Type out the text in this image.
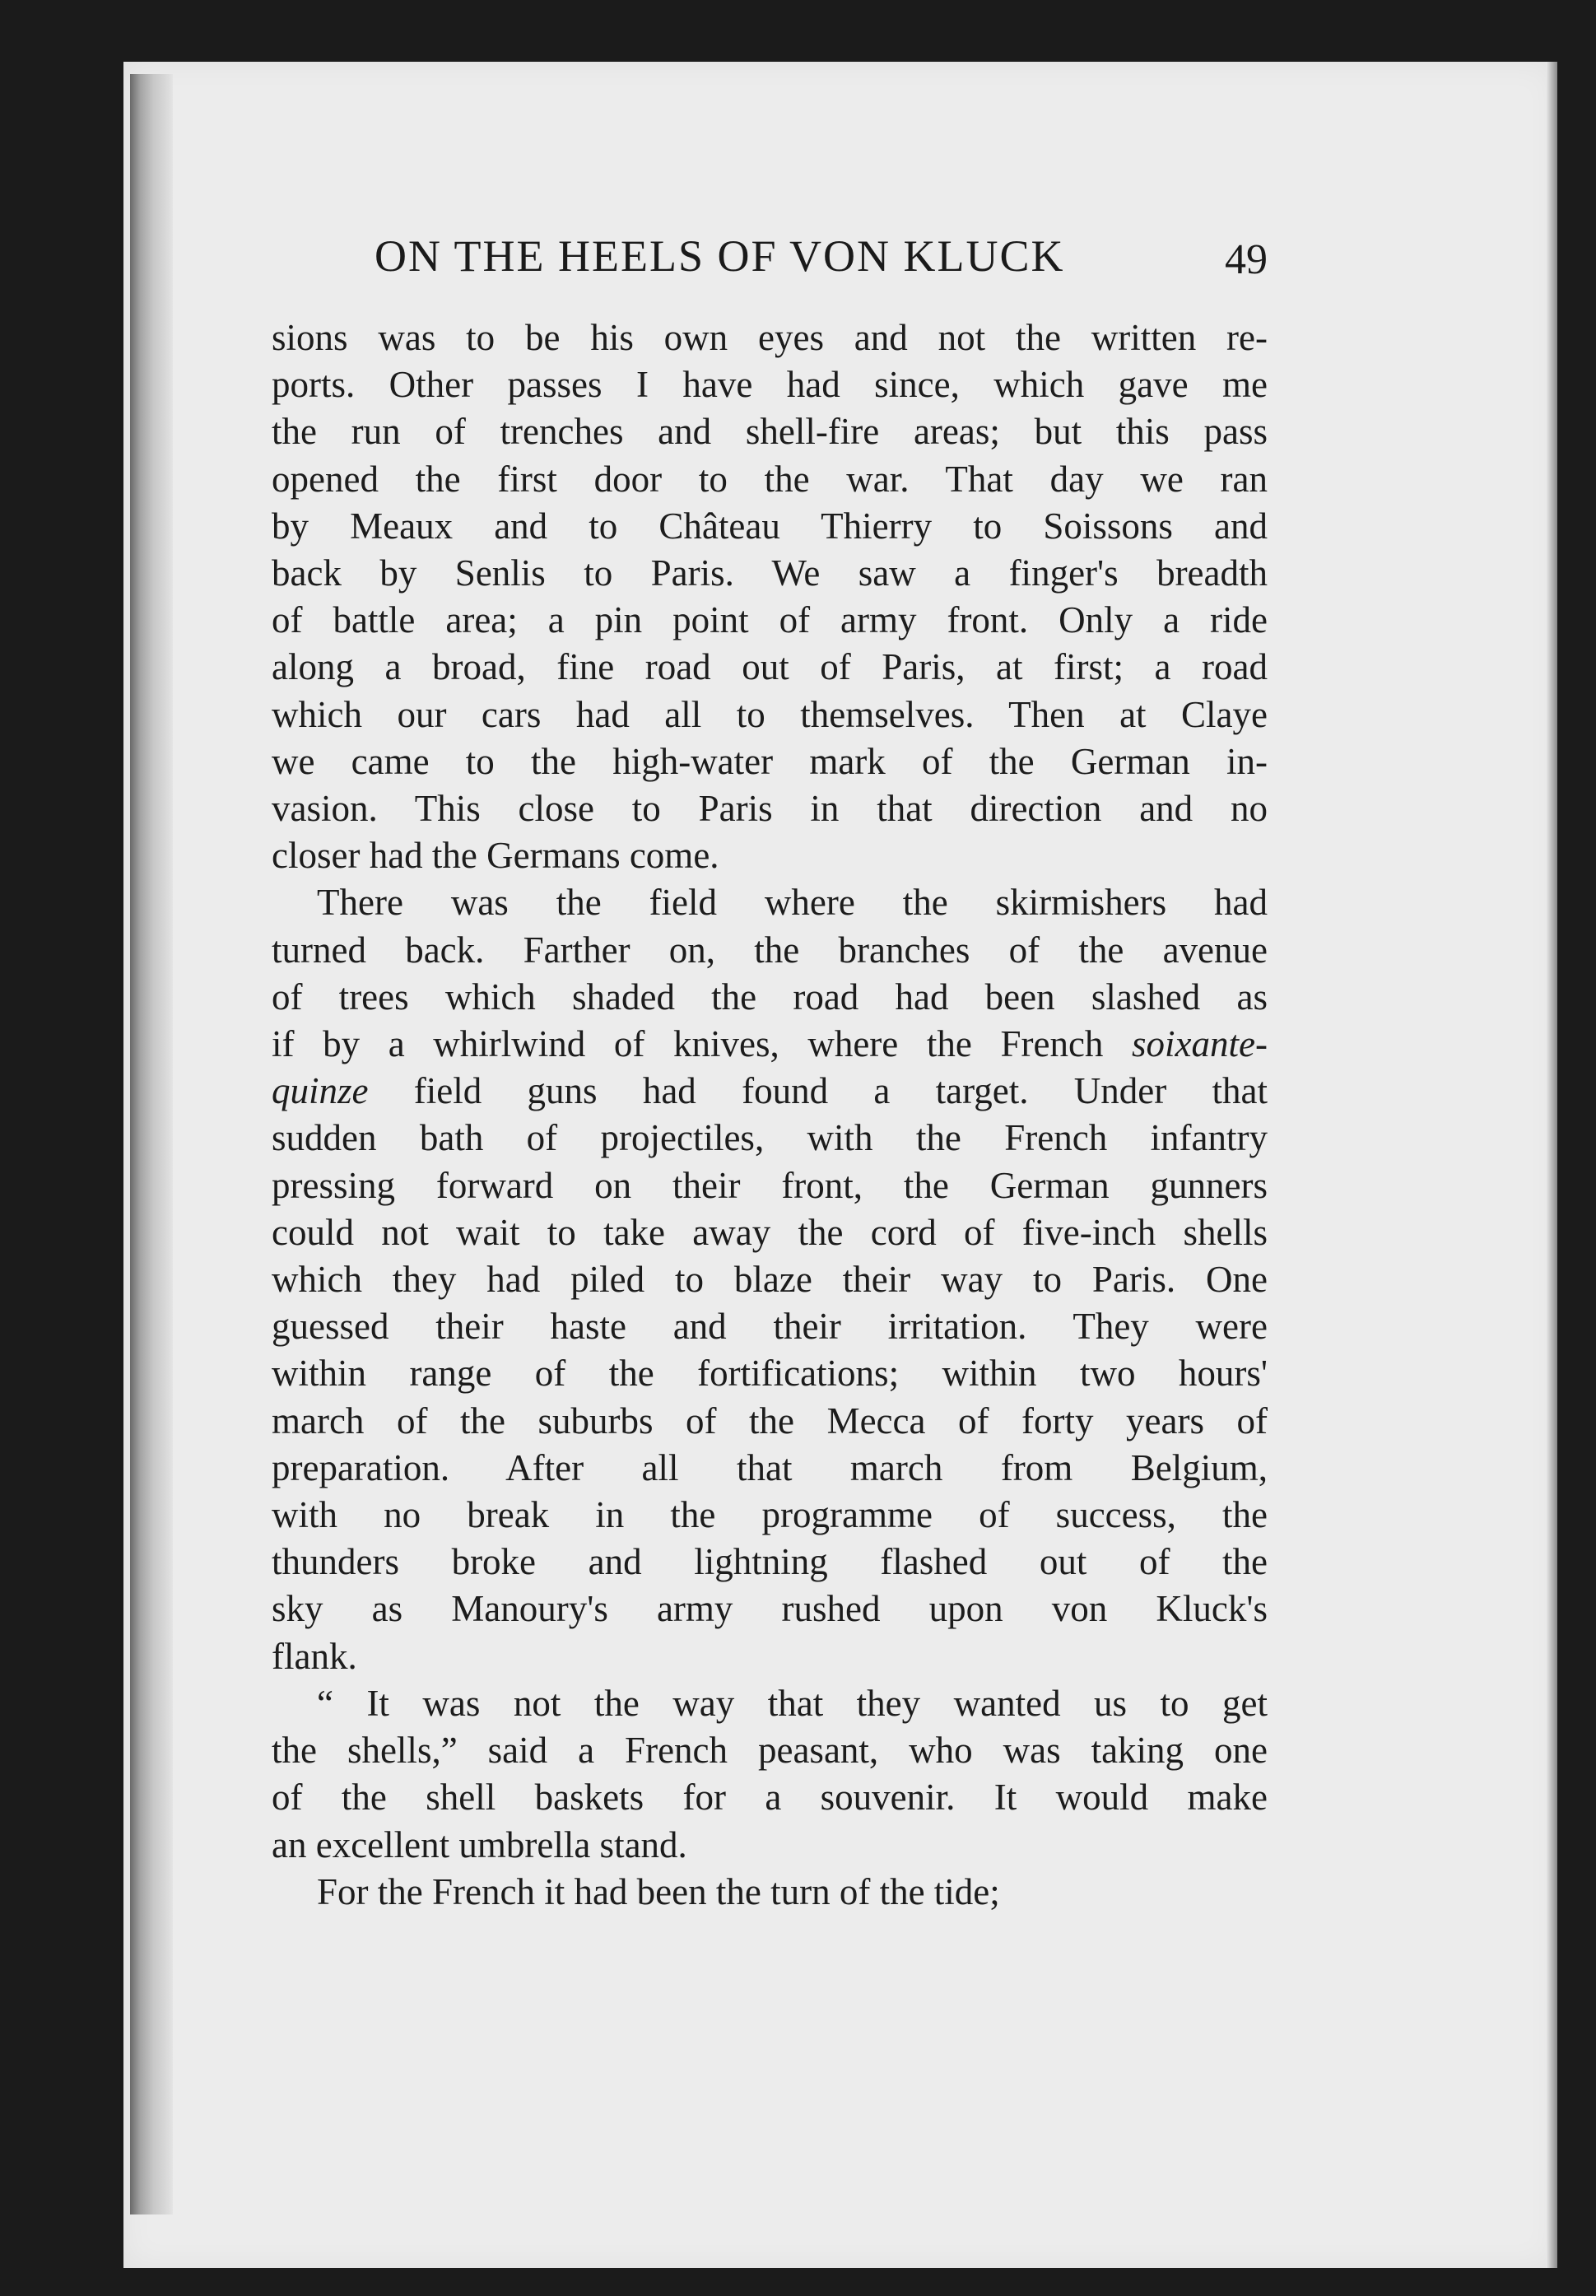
ON THE HEELS OF VON KLUCK	49

sions was to be his own eyes and not the written re-
ports. Other passes I have had since, which gave me
the run of trenches and shell-fire areas; but this pass
opened the first door to the war. That day we ran
by Meaux and to Château Thierry to Soissons and
back by Senlis to Paris. We saw a finger's breadth
of battle area; a pin point of army front. Only a ride
along a broad, fine road out of Paris, at first; a road
which our cars had all to themselves. Then at Claye
we came to the high-water mark of the German in-
vasion. This close to Paris in that direction and no
closer had the Germans come.

There was the field where the skirmishers had
turned back. Farther on, the branches of the avenue
of trees which shaded the road had been slashed as
if by a whirlwind of knives, where the French soixante-
quinze field guns had found a target. Under that
sudden bath of projectiles, with the French infantry
pressing forward on their front, the German gunners
could not wait to take away the cord of five-inch shells
which they had piled to blaze their way to Paris. One
guessed their haste and their irritation. They were
within range of the fortifications; within two hours'
march of the suburbs of the Mecca of forty years of
preparation. After all that march from Belgium,
with no break in the programme of success, the
thunders broke and lightning flashed out of the
sky as Manoury's army rushed upon von Kluck's
flank.

“ It was not the way that they wanted us to get
the shells,” said a French peasant, who was taking one
of the shell baskets for a souvenir. It would make
an excellent umbrella stand.

For the French it had been the turn of the tide;
